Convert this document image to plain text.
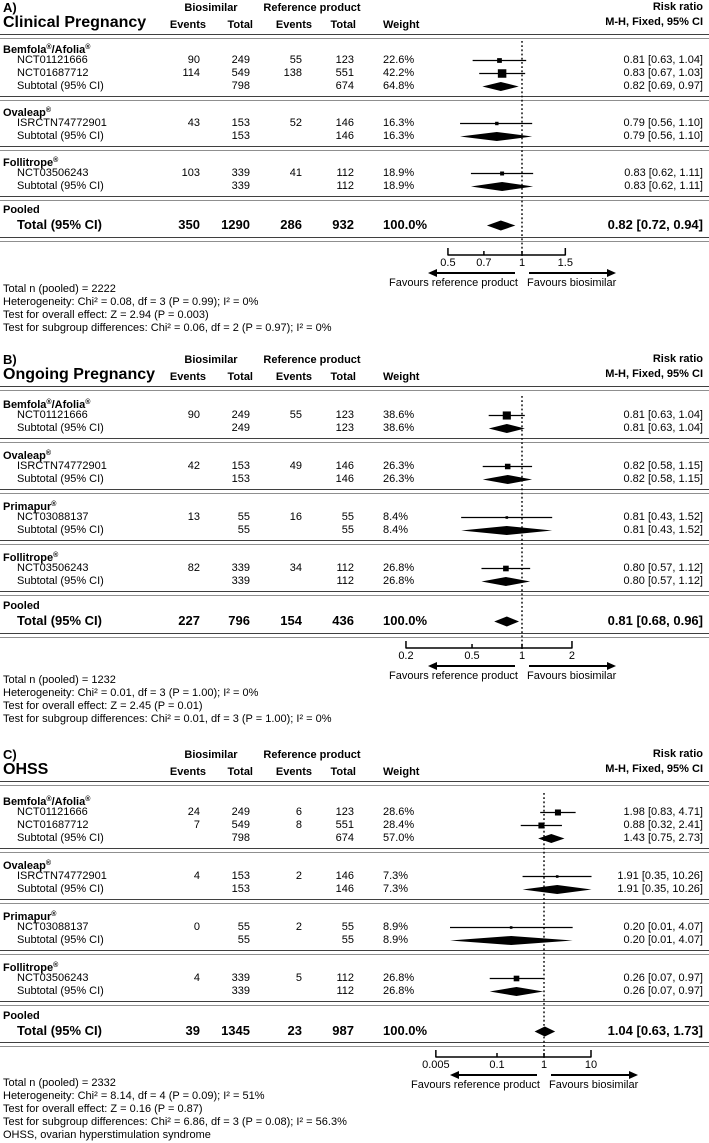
A)
Clinical Pregnancy
Biosimilar	Reference product	Risk ratio
Events	Total	Events	Total Weight	M-H, Fixed, 95% CI
Bemfola®/Afolia®
NCT01121666	90	249	55	123	22.6%	0.81 [0.63, 1.04]
NCT01687712	114	549	138	551	42.2%	0.83 [0.67, 1.03]
Subtotal (95% CI)	798	674	64.8%	0.82 [0.69, 0.97]
Ovaleap®
ISRCTN74772901	43	153	52	146	16.3%	0.79 [0.56, 1.10]
Subtotal (95% CI)	153	146	16.3%	0.79 [0.56, 1.10]
Follitrope®
NCT03506243	103	339	41	112	18.9%	0.83 [0.62, 1.11]
Subtotal (95% CI)	339	112	18.9%	0.83 [0.62, 1.11]
Pooled
Total (95% CI)	350	1290	286	932 100.0%	0.82 [0.72, 0.94]
0.5	0.7	1	1.5
Favours reference product Favours biosimilar
Total n (pooled) = 2222
Heterogeneity: Chi² = 0.08, df = 3 (P = 0.99); I² = 0%
Test for overall effect: Z = 2.94 (P = 0.003)
Test for subgroup differences: Chi² = 0.06, df = 2 (P = 0.97); I² = 0%
B)
Ongoing Pregnancy
Biosimilar	Reference product	Risk ratio
Events	Total	Events	Total Weight	M-H, Fixed, 95% CI
Bemfola®/Afolia®
NCT01121666	90	249	55	123	38.6%	0.81 [0.63, 1.04]
Subtotal (95% CI)	249	123	38.6%	0.81 [0.63, 1.04]
Ovaleap®
ISRCTN74772901	42	153	49	146	26.3%	0.82 [0.58, 1.15]
Subtotal (95% CI)	153	146	26.3%	0.82 [0.58, 1.15]
Primapur®
NCT03088137	13	55	16	55	8.4%	0.81 [0.43, 1.52]
Subtotal (95% CI)	55	55	8.4%	0.81 [0.43, 1.52]
Follitrope®
NCT03506243	82	339	34	112	26.8%	0.80 [0.57, 1.12]
Subtotal (95% CI)	339	112	26.8%	0.80 [0.57, 1.12]
Pooled
Total (95% CI)	227	796	154	436 100.0%	0.81 [0.68, 0.96]
0.2	0.5	1	2
Favours reference product Favours biosimilar
Total n (pooled) = 1232
Heterogeneity: Chi² = 0.01, df = 3 (P = 1.00); I² = 0%
Test for overall effect: Z = 2.45 (P = 0.01)
Test for subgroup differences: Chi² = 0.01, df = 3 (P = 1.00); I² = 0%
C)
OHSS
Biosimilar	Reference product	Risk ratio
Events	Total	Events	Total Weight	M-H, Fixed, 95% CI
Bemfola®/Afolia®
NCT01121666	24	249	6	123	28.6%	1.98 [0.83, 4.71]
NCT01687712	7	549	8	551	28.4%	0.88 [0.32, 2.41]
Subtotal (95% CI)	798	674	57.0%	1.43 [0.75, 2.73]
Ovaleap®
ISRCTN74772901	4	153	2	146	7.3%	1.91 [0.35, 10.26]
Subtotal (95% CI)	153	146	7.3%	1.91 [0.35, 10.26]
Primapur®
NCT03088137	0	55	2	55	8.9%	0.20 [0.01, 4.07]
Subtotal (95% CI)	55	55	8.9%	0.20 [0.01, 4.07]
Follitrope®
NCT03506243	4	339	5	112	26.8%	0.26 [0.07, 0.97]
Subtotal (95% CI)	339	112	26.8%	0.26 [0.07, 0.97]
Pooled
Total (95% CI)	39	1345	23	987 100.0%	1.04 [0.63, 1.73]
0.005	0.1	1	10
Favours reference product Favours biosimilar
Total n (pooled) = 2332
Heterogeneity: Chi² = 8.14, df = 4 (P = 0.09); I² = 51%
Test for overall effect: Z = 0.16 (P = 0.87)
Test for subgroup differences: Chi² = 6.86, df = 3 (P = 0.08); I² = 56.3%
OHSS, ovarian hyperstimulation syndrome
